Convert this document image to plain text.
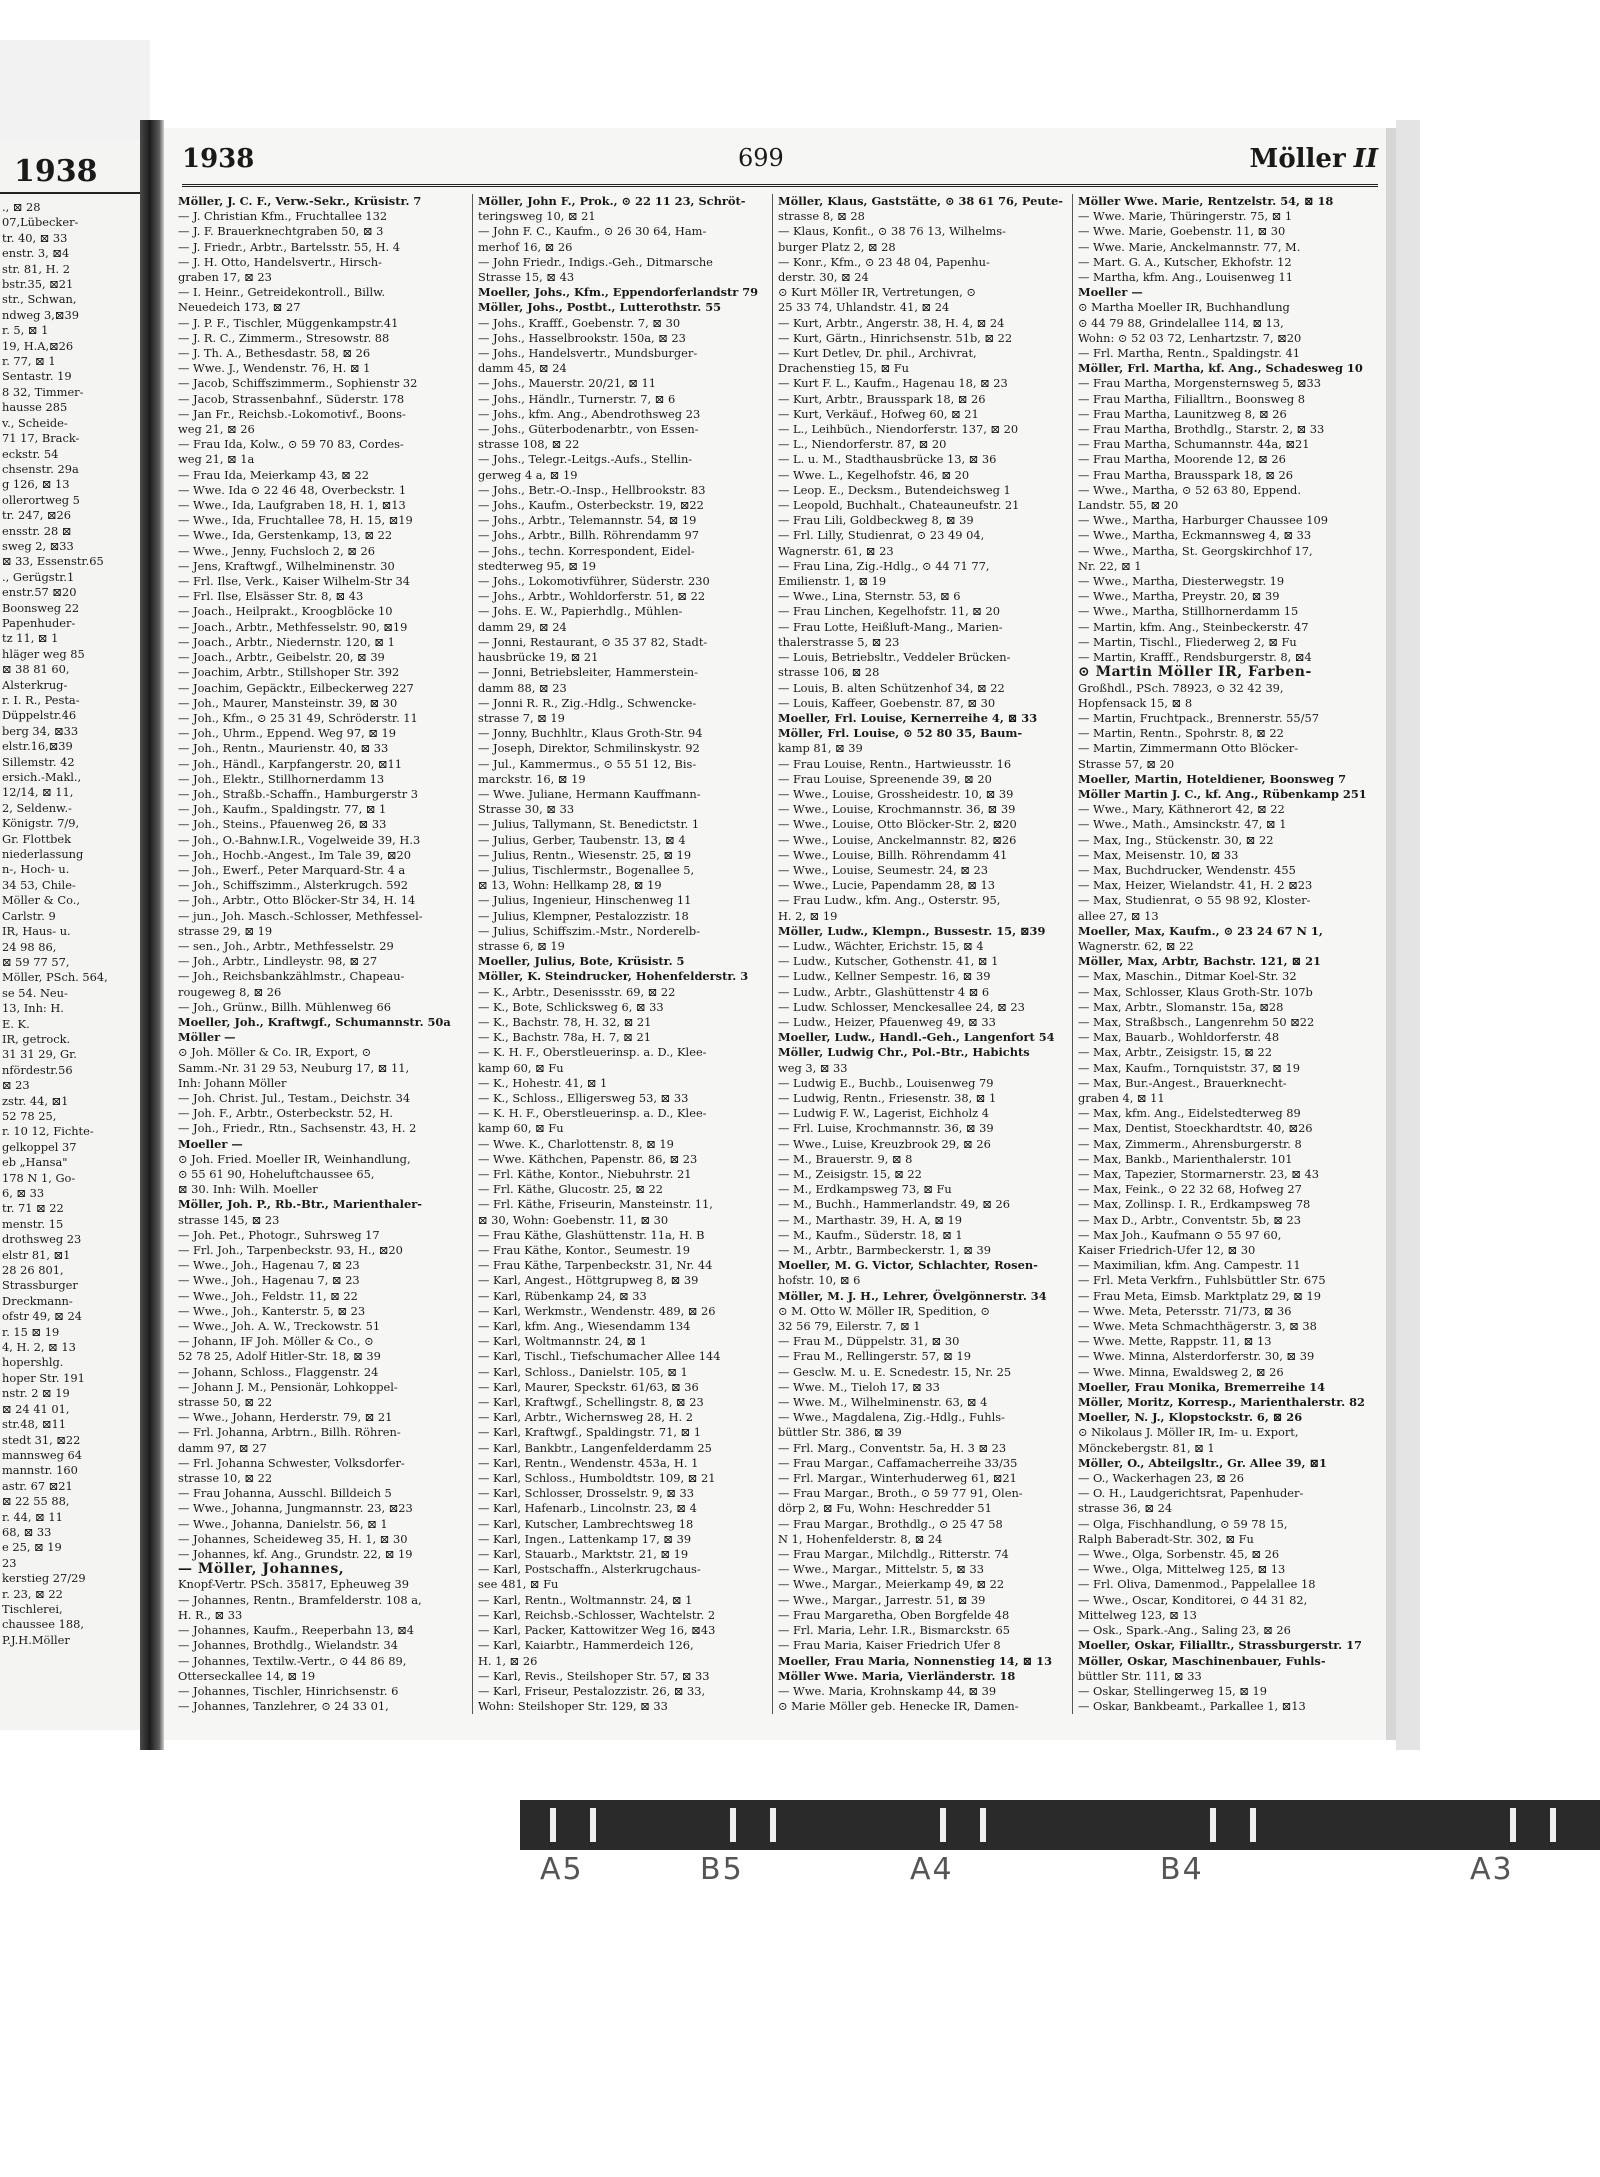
1938
., ⊠ 28
07,Lübecker-
tr. 40, ⊠ 33
enstr. 3, ⊠4
str. 81, H. 2
bstr.35, ⊠21
str., Schwan,
ndweg 3,⊠39
r. 5, ⊠ 1
19, H.A,⊠26
r. 77, ⊠ 1
Sentastr. 19
8 32, Timmer-
hausse 285
v., Scheide-
71 17, Brack-
eckstr. 54
chsenstr. 29a
g 126, ⊠ 13
ollerortweg 5
tr. 247, ⊠26
ensstr. 28 ⊠
sweg 2, ⊠33
⊠ 33, Essenstr.65
., Gerügstr.1
enstr.57 ⊠20
Boonsweg 22
Papenhuder-
tz 11, ⊠ 1
hläger weg 85
⊠ 38 81 60,
Alsterkrug-
r. I. R., Pesta-
Düppelstr.46
berg 34, ⊠33
elstr.16,⊠39
Sillemstr. 42
ersich.-Makl.,
12/14, ⊠ 11,
2, Seldenw.-
Königstr. 7/9,
Gr. Flottbek
niederlassung
n-, Hoch- u.
34 53, Chile-
Möller & Co.,
Carlstr. 9
IR, Haus- u.
24 98 86,
⊠ 59 77 57,
Möller, PSch. 564,
se 54. Neu-
13, Inh: H.
E. K.
IR, getrock.
31 31 29, Gr.
nfördestr.56
⊠ 23
zstr. 44, ⊠1
52 78 25,
r. 10 12, Fichte-
gelkoppel 37
eb „Hansa"
178 N 1, Go-
6, ⊠ 33
tr. 71 ⊠ 22
menstr. 15
drothsweg 23
elstr 81, ⊠1
28 26 801,
Strassburger
Dreckmann-
ofstr 49, ⊠ 24
r. 15 ⊠ 19
4, H. 2, ⊠ 13
hopershlg.
hoper Str. 191
nstr. 2 ⊠ 19
⊠ 24 41 01,
str.48, ⊠11
stedt 31, ⊠22
mannsweg 64
mannstr. 160
astr. 67 ⊠21
⊠ 22 55 88,
r. 44, ⊠ 11
68, ⊠ 33
e 25, ⊠ 19
23
kerstieg 27/29
r. 23, ⊠ 22
Tischlerei,
chaussee 188,
P.J.H.Möller
1938	699	Möller II
Möller, J. C. F., Verw.-Sekr., Krüsistr. 7
— J. Christian Kfm., Fruchtallee 132
— J. F. Brauerknechtgraben 50, ⊠ 3
— J. Friedr., Arbtr., Bartelsstr. 55, H. 4
— J. H. Otto, Handelsvertr., Hirsch-
graben 17, ⊠ 23
— I. Heinr., Getreidekontroll., Billw.
Neuedeich 173, ⊠ 27
— J. P. F., Tischler, Müggenkampstr.41
— J. R. C., Zimmerm., Stresowstr. 88
— J. Th. A., Bethesdastr. 58, ⊠ 26
— Wwe. J., Wendenstr. 76, H. ⊠ 1
— Jacob, Schiffszimmerm., Sophienstr 32
— Jacob, Strassenbahnf., Süderstr. 178
— Jan Fr., Reichsb.-Lokomotivf., Boons-
weg 21, ⊠ 26
— Frau Ida, Kolw., ⊙ 59 70 83, Cordes-
weg 21, ⊠ 1a
— Frau Ida, Meierkamp 43, ⊠ 22
— Wwe. Ida ⊙ 22 46 48, Overbeckstr. 1
— Wwe., Ida, Laufgraben 18, H. 1, ⊠13
— Wwe., Ida, Fruchtallee 78, H. 15, ⊠19
— Wwe., Ida, Gerstenkamp, 13, ⊠ 22
— Wwe., Jenny, Fuchsloch 2, ⊠ 26
— Jens, Kraftwgf., Wilhelminenstr. 30
— Frl. Ilse, Verk., Kaiser Wilhelm-Str 34
— Frl. Ilse, Elsässer Str. 8, ⊠ 43
— Joach., Heilprakt., Kroogblöcke 10
— Joach., Arbtr., Methfesselstr. 90, ⊠19
— Joach., Arbtr., Niedernstr. 120, ⊠ 1
— Joach., Arbtr., Geibelstr. 20, ⊠ 39
— Joachim, Arbtr., Stillshoper Str. 392
— Joachim, Gepäcktr., Eilbeckerweg 227
— Joh., Maurer, Mansteinstr. 39, ⊠ 30
— Joh., Kfm., ⊙ 25 31 49, Schröderstr. 11
— Joh., Uhrm., Eppend. Weg 97, ⊠ 19
— Joh., Rentn., Maurienstr. 40, ⊠ 33
— Joh., Händl., Karpfangerstr. 20, ⊠11
— Joh., Elektr., Stillhornerdamm 13
— Joh., Straßb.-Schaffn., Hamburgerstr 3
— Joh., Kaufm., Spaldingstr. 77, ⊠ 1
— Joh., Steins., Pfauenweg 26, ⊠ 33
— Joh., O.-Bahnw.I.R., Vogelweide 39, H.3
— Joh., Hochb.-Angest., Im Tale 39, ⊠20
— Joh., Ewerf., Peter Marquard-Str. 4 a
— Joh., Schiffszimm., Alsterkrugch. 592
— Joh., Arbtr., Otto Blöcker-Str 34, H. 14
— jun., Joh. Masch.-Schlosser, Methfessel-
strasse 29, ⊠ 19
— sen., Joh., Arbtr., Methfesselstr. 29
— Joh., Arbtr., Lindleystr. 98, ⊠ 27
— Joh., Reichsbankzählmstr., Chapeau-
rougeweg 8, ⊠ 26
— Joh., Grünw., Billh. Mühlenweg 66
Moeller, Joh., Kraftwgf., Schumannstr. 50a
Möller —
⊙ Joh. Möller & Co. IR, Export, ⊙
Samm.-Nr. 31 29 53, Neuburg 17, ⊠ 11,
Inh: Johann Möller
— Joh. Christ. Jul., Testam., Deichstr. 34
— Joh. F., Arbtr., Osterbeckstr. 52, H.
— Joh., Friedr., Rtn., Sachsenstr. 43, H. 2
Moeller —
⊙ Joh. Fried. Moeller IR, Weinhandlung,
⊙ 55 61 90, Hoheluftchaussee 65,
⊠ 30. Inh: Wilh. Moeller
Möller, Joh. P., Rb.-Btr., Marienthaler-
strasse 145, ⊠ 23
— Joh. Pet., Photogr., Suhrsweg 17
— Frl. Joh., Tarpenbeckstr. 93, H., ⊠20
— Wwe., Joh., Hagenau 7, ⊠ 23
— Wwe., Joh., Hagenau 7, ⊠ 23
— Wwe., Joh., Feldstr. 11, ⊠ 22
— Wwe., Joh., Kanterstr. 5, ⊠ 23
— Wwe., Joh. A. W., Treckowstr. 51
— Johann, IF Joh. Möller & Co., ⊙
52 78 25, Adolf Hitler-Str. 18, ⊠ 39
— Johann, Schloss., Flaggenstr. 24
— Johann J. M., Pensionär, Lohkoppel-
strasse 50, ⊠ 22
— Wwe., Johann, Herderstr. 79, ⊠ 21
— Frl. Johanna, Arbtrn., Billh. Röhren-
damm 97, ⊠ 27
— Frl. Johanna Schwester, Volksdorfer-
strasse 10, ⊠ 22
— Frau Johanna, Ausschl. Billdeich 5
— Wwe., Johanna, Jungmannstr. 23, ⊠23
— Wwe., Johanna, Danielstr. 56, ⊠ 1
— Johannes, Scheideweg 35, H. 1, ⊠ 30
— Johannes, kf. Ang., Grundstr. 22, ⊠ 19
— Möller, Johannes,
Knopf-Vertr. PSch. 35817, Epheuweg 39
— Johannes, Rentn., Bramfelderstr. 108 a,
H. R., ⊠ 33
— Johannes, Kaufm., Reeperbahn 13, ⊠4
— Johannes, Brothdlg., Wielandstr. 34
— Johannes, Textilw.-Vertr., ⊙ 44 86 89,
Otterseckallee 14, ⊠ 19
— Johannes, Tischler, Hinrichsenstr. 6
— Johannes, Tanzlehrer, ⊙ 24 33 01,
Möller, John F., Prok., ⊙ 22 11 23, Schröt-
teringsweg 10, ⊠ 21
— John F. C., Kaufm., ⊙ 26 30 64, Ham-
merhof 16, ⊠ 26
— John Friedr., Indigs.-Geh., Ditmarsche
Strasse 15, ⊠ 43
Moeller, Johs., Kfm., Eppendorferlandstr 79
Möller, Johs., Postbt., Lutterothstr. 55
— Johs., Krafff., Goebenstr. 7, ⊠ 30
— Johs., Hasselbrookstr. 150a, ⊠ 23
— Johs., Handelsvertr., Mundsburger-
damm 45, ⊠ 24
— Johs., Mauerstr. 20/21, ⊠ 11
— Johs., Händlr., Turnerstr. 7, ⊠ 6
— Johs., kfm. Ang., Abendrothsweg 23
— Johs., Güterbodenarbtr., von Essen-
strasse 108, ⊠ 22
— Johs., Telegr.-Leitgs.-Aufs., Stellin-
gerweg 4 a, ⊠ 19
— Johs., Betr.-O.-Insp., Hellbrookstr. 83
— Johs., Kaufm., Osterbeckstr. 19, ⊠22
— Johs., Arbtr., Telemannstr. 54, ⊠ 19
— Johs., Arbtr., Billh. Röhrendamm 97
— Johs., techn. Korrespondent, Eidel-
stedterweg 95, ⊠ 19
— Johs., Lokomotivführer, Süderstr. 230
— Johs., Arbtr., Wohldorferstr. 51, ⊠ 22
— Johs. E. W., Papierhdlg., Mühlen-
damm 29, ⊠ 24
— Jonni, Restaurant, ⊙ 35 37 82, Stadt-
hausbrücke 19, ⊠ 21
— Jonni, Betriebsleiter, Hammerstein-
damm 88, ⊠ 23
— Jonni R. R., Zig.-Hdlg., Schwencke-
strasse 7, ⊠ 19
— Jonny, Buchhltr., Klaus Groth-Str. 94
— Joseph, Direktor, Schmilinskystr. 92
— Jul., Kammermus., ⊙ 55 51 12, Bis-
marckstr. 16, ⊠ 19
— Wwe. Juliane, Hermann Kauffmann-
Strasse 30, ⊠ 33
— Julius, Tallymann, St. Benedictstr. 1
— Julius, Gerber, Taubenstr. 13, ⊠ 4
— Julius, Rentn., Wiesenstr. 25, ⊠ 19
— Julius, Tischlermstr., Bogenallee 5,
⊠ 13, Wohn: Hellkamp 28, ⊠ 19
— Julius, Ingenieur, Hinschenweg 11
— Julius, Klempner, Pestalozzistr. 18
— Julius, Schiffszim.-Mstr., Norderelb-
strasse 6, ⊠ 19
Moeller, Julius, Bote, Krüsistr. 5
Möller, K. Steindrucker, Hohenfelderstr. 3
— K., Arbtr., Desenissstr. 69, ⊠ 22
— K., Bote, Schlicksweg 6, ⊠ 33
— K., Bachstr. 78, H. 32, ⊠ 21
— K., Bachstr. 78a, H. 7, ⊠ 21
— K. H. F., Oberstleuerinsp. a. D., Klee-
kamp 60, ⊠ Fu
— K., Hohestr. 41, ⊠ 1
— K., Schloss., Elligersweg 53, ⊠ 33
— K. H. F., Oberstleuerinsp. a. D., Klee-
kamp 60, ⊠ Fu
— Wwe. K., Charlottenstr. 8, ⊠ 19
— Wwe. Käthchen, Papenstr. 86, ⊠ 23
— Frl. Käthe, Kontor., Niebuhrstr. 21
— Frl. Käthe, Glucostr. 25, ⊠ 22
— Frl. Käthe, Friseurin, Mansteinstr. 11,
⊠ 30, Wohn: Goebenstr. 11, ⊠ 30
— Frau Käthe, Glashüttenstr. 11a, H. B
— Frau Käthe, Kontor., Seumestr. 19
— Frau Käthe, Tarpenbeckstr. 31, Nr. 44
— Karl, Angest., Höttgrupweg 8, ⊠ 39
— Karl, Rübenkamp 24, ⊠ 33
— Karl, Werkmstr., Wendenstr. 489, ⊠ 26
— Karl, kfm. Ang., Wiesendamm 134
— Karl, Woltmannstr. 24, ⊠ 1
— Karl, Tischl., Tiefschumacher Allee 144
— Karl, Schloss., Danielstr. 105, ⊠ 1
— Karl, Maurer, Speckstr. 61/63, ⊠ 36
— Karl, Kraftwgf., Schellingstr. 8, ⊠ 23
— Karl, Arbtr., Wichernsweg 28, H. 2
— Karl, Kraftwgf., Spaldingstr. 71, ⊠ 1
— Karl, Bankbtr., Langenfelderdamm 25
— Karl, Rentn., Wendenstr. 453a, H. 1
— Karl, Schloss., Humboldtstr. 109, ⊠ 21
— Karl, Schlosser, Drosselstr. 9, ⊠ 33
— Karl, Hafenarb., Lincolnstr. 23, ⊠ 4
— Karl, Kutscher, Lambrechtsweg 18
— Karl, Ingen., Lattenkamp 17, ⊠ 39
— Karl, Stauarb., Marktstr. 21, ⊠ 19
— Karl, Postschaffn., Alsterkrugchaus-
see 481, ⊠ Fu
— Karl, Rentn., Woltmannstr. 24, ⊠ 1
— Karl, Reichsb.-Schlosser, Wachtelstr. 2
— Karl, Packer, Kattowitzer Weg 16, ⊠43
— Karl, Kaiarbtr., Hammerdeich 126,
H. 1, ⊠ 26
— Karl, Revis., Steilshoper Str. 57, ⊠ 33
— Karl, Friseur, Pestalozzistr. 26, ⊠ 33,
Wohn: Steilshoper Str. 129, ⊠ 33
Möller, Klaus, Gaststätte, ⊙ 38 61 76, Peute-
strasse 8, ⊠ 28
— Klaus, Konfit., ⊙ 38 76 13, Wilhelms-
burger Platz 2, ⊠ 28
— Konr., Kfm., ⊙ 23 48 04, Papenhu-
derstr. 30, ⊠ 24
⊙ Kurt Möller IR, Vertretungen, ⊙
25 33 74, Uhlandstr. 41, ⊠ 24
— Kurt, Arbtr., Angerstr. 38, H. 4, ⊠ 24
— Kurt, Gärtn., Hinrichsenstr. 51b, ⊠ 22
— Kurt Detlev, Dr. phil., Archivrat,
Drachenstieg 15, ⊠ Fu
— Kurt F. L., Kaufm., Hagenau 18, ⊠ 23
— Kurt, Arbtr., Brausspark 18, ⊠ 26
— Kurt, Verkäuf., Hofweg 60, ⊠ 21
— L., Leihbüch., Niendorferstr. 137, ⊠ 20
— L., Niendorferstr. 87, ⊠ 20
— L. u. M., Stadthausbrücke 13, ⊠ 36
— Wwe. L., Kegelhofstr. 46, ⊠ 20
— Leop. E., Decksm., Butendeichsweg 1
— Leopold, Buchhalt., Chateauneufstr. 21
— Frau Lili, Goldbeckweg 8, ⊠ 39
— Frl. Lilly, Studienrat, ⊙ 23 49 04,
Wagnerstr. 61, ⊠ 23
— Frau Lina, Zig.-Hdlg., ⊙ 44 71 77,
Emilienstr. 1, ⊠ 19
— Wwe., Lina, Sternstr. 53, ⊠ 6
— Frau Linchen, Kegelhofstr. 11, ⊠ 20
— Frau Lotte, Heißluft-Mang., Marien-
thalerstrasse 5, ⊠ 23
— Louis, Betriebsltr., Veddeler Brücken-
strasse 106, ⊠ 28
— Louis, B. alten Schützenhof 34, ⊠ 22
— Louis, Kaffeer, Goebenstr. 87, ⊠ 30
Moeller, Frl. Louise, Kernerreihe 4, ⊠ 33
Möller, Frl. Louise, ⊙ 52 80 35, Baum-
kamp 81, ⊠ 39
— Frau Louise, Rentn., Hartwieusstr. 16
— Frau Louise, Spreenende 39, ⊠ 20
— Wwe., Louise, Grossheidestr. 10, ⊠ 39
— Wwe., Louise, Krochmannstr. 36, ⊠ 39
— Wwe., Louise, Otto Blöcker-Str. 2, ⊠20
— Wwe., Louise, Anckelmannstr. 82, ⊠26
— Wwe., Louise, Billh. Röhrendamm 41
— Wwe., Louise, Seumestr. 24, ⊠ 23
— Wwe., Lucie, Papendamm 28, ⊠ 13
— Frau Ludw., kfm. Ang., Osterstr. 95,
H. 2, ⊠ 19
Möller, Ludw., Klempn., Bussestr. 15, ⊠39
— Ludw., Wächter, Erichstr. 15, ⊠ 4
— Ludw., Kutscher, Gothenstr. 41, ⊠ 1
— Ludw., Kellner Sempestr. 16, ⊠ 39
— Ludw., Arbtr., Glashüttenstr 4 ⊠ 6
— Ludw. Schlosser, Menckesallee 24, ⊠ 23
— Ludw., Heizer, Pfauenweg 49, ⊠ 33
Moeller, Ludw., Handl.-Geh., Langenfort 54
Möller, Ludwig Chr., Pol.-Btr., Habichts
weg 3, ⊠ 33
— Ludwig E., Buchb., Louisenweg 79
— Ludwig, Rentn., Friesenstr. 38, ⊠ 1
— Ludwig F. W., Lagerist, Eichholz 4
— Frl. Luise, Krochmannstr. 36, ⊠ 39
— Wwe., Luise, Kreuzbrook 29, ⊠ 26
— M., Brauerstr. 9, ⊠ 8
— M., Zeisigstr. 15, ⊠ 22
— M., Erdkampsweg 73, ⊠ Fu
— M., Buchh., Hammerlandstr. 49, ⊠ 26
— M., Marthastr. 39, H. A, ⊠ 19
— M., Kaufm., Süderstr. 18, ⊠ 1
— M., Arbtr., Barmbeckerstr. 1, ⊠ 39
Moeller, M. G. Victor, Schlachter, Rosen-
hofstr. 10, ⊠ 6
Möller, M. J. H., Lehrer, Övelgönnerstr. 34
⊙ M. Otto W. Möller IR, Spedition, ⊙
32 56 79, Eilerstr. 7, ⊠ 1
— Frau M., Düppelstr. 31, ⊠ 30
— Frau M., Rellingerstr. 57, ⊠ 19
— Gesclw. M. u. E. Scnedestr. 15, Nr. 25
— Wwe. M., Tieloh 17, ⊠ 33
— Wwe. M., Wilhelminenstr. 63, ⊠ 4
— Wwe., Magdalena, Zig.-Hdlg., Fuhls-
büttler Str. 386, ⊠ 39
— Frl. Marg., Conventstr. 5a, H. 3 ⊠ 23
— Frau Margar., Caffamacherreihe 33/35
— Frl. Margar., Winterhuderweg 61, ⊠21
— Frau Margar., Broth., ⊙ 59 77 91, Olen-
dörp 2, ⊠ Fu, Wohn: Heschredder 51
— Frau Margar., Brothdlg., ⊙ 25 47 58
N 1, Hohenfelderstr. 8, ⊠ 24
— Frau Margar., Milchdlg., Ritterstr. 74
— Wwe., Margar., Mittelstr. 5, ⊠ 33
— Wwe., Margar., Meierkamp 49, ⊠ 22
— Wwe., Margar., Jarrestr. 51, ⊠ 39
— Frau Margaretha, Oben Borgfelde 48
— Frl. Maria, Lehr. I.R., Bismarckstr. 65
— Frau Maria, Kaiser Friedrich Ufer 8
Moeller, Frau Maria, Nonnenstieg 14, ⊠ 13
Möller Wwe. Maria, Vierländerstr. 18
— Wwe. Maria, Krohnskamp 44, ⊠ 39
⊙ Marie Möller geb. Henecke IR, Damen-
Möller Wwe. Marie, Rentzelstr. 54, ⊠ 18
— Wwe. Marie, Thüringerstr. 75, ⊠ 1
— Wwe. Marie, Goebenstr. 11, ⊠ 30
— Wwe. Marie, Anckelmannstr. 77, M.
— Mart. G. A., Kutscher, Ekhofstr. 12
— Martha, kfm. Ang., Louisenweg 11
Moeller —
⊙ Martha Moeller IR, Buchhandlung
⊙ 44 79 88, Grindelallee 114, ⊠ 13,
Wohn: ⊙ 52 03 72, Lenhartzstr. 7, ⊠20
— Frl. Martha, Rentn., Spaldingstr. 41
Möller, Frl. Martha, kf. Ang., Schadesweg 10
— Frau Martha, Morgensternsweg 5, ⊠33
— Frau Martha, Filialltrn., Boonsweg 8
— Frau Martha, Launitzweg 8, ⊠ 26
— Frau Martha, Brothdlg., Starstr. 2, ⊠ 33
— Frau Martha, Schumannstr. 44a, ⊠21
— Frau Martha, Moorende 12, ⊠ 26
— Frau Martha, Brausspark 18, ⊠ 26
— Wwe., Martha, ⊙ 52 63 80, Eppend.
Landstr. 55, ⊠ 20
— Wwe., Martha, Harburger Chaussee 109
— Wwe., Martha, Eckmannsweg 4, ⊠ 33
— Wwe., Martha, St. Georgskirchhof 17,
Nr. 22, ⊠ 1
— Wwe., Martha, Diesterwegstr. 19
— Wwe., Martha, Preystr. 20, ⊠ 39
— Wwe., Martha, Stillhornerdamm 15
— Martin, kfm. Ang., Steinbeckerstr. 47
— Martin, Tischl., Fliederweg 2, ⊠ Fu
— Martin, Krafff., Rendsburgerstr. 8, ⊠4
⊙ Martin Möller IR, Farben-
Großhdl., PSch. 78923, ⊙ 32 42 39,
Hopfensack 15, ⊠ 8
— Martin, Fruchtpack., Brennerstr. 55/57
— Martin, Rentn., Spohrstr. 8, ⊠ 22
— Martin, Zimmermann Otto Blöcker-
Strasse 57, ⊠ 20
Moeller, Martin, Hoteldiener, Boonsweg 7
Möller Martin J. C., kf. Ang., Rübenkamp 251
— Wwe., Mary, Käthnerort 42, ⊠ 22
— Wwe., Math., Amsinckstr. 47, ⊠ 1
— Max, Ing., Stückenstr. 30, ⊠ 22
— Max, Meisenstr. 10, ⊠ 33
— Max, Buchdrucker, Wendenstr. 455
— Max, Heizer, Wielandstr. 41, H. 2 ⊠23
— Max, Studienrat, ⊙ 55 98 92, Kloster-
allee 27, ⊠ 13
Moeller, Max, Kaufm., ⊙ 23 24 67 N 1,
Wagnerstr. 62, ⊠ 22
Möller, Max, Arbtr, Bachstr. 121, ⊠ 21
— Max, Maschin., Ditmar Koel-Str. 32
— Max, Schlosser, Klaus Groth-Str. 107b
— Max, Arbtr., Slomanstr. 15a, ⊠28
— Max, Straßbsch., Langenrehm 50 ⊠22
— Max, Bauarb., Wohldorferstr. 48
— Max, Arbtr., Zeisigstr. 15, ⊠ 22
— Max, Kaufm., Tornquiststr. 37, ⊠ 19
— Max, Bur.-Angest., Brauerknecht-
graben 4, ⊠ 11
— Max, kfm. Ang., Eidelstedterweg 89
— Max, Dentist, Stoeckhardtstr. 40, ⊠26
— Max, Zimmerm., Ahrensburgerstr. 8
— Max, Bankb., Marienthalerstr. 101
— Max, Tapezier, Stormarnerstr. 23, ⊠ 43
— Max, Feink., ⊙ 22 32 68, Hofweg 27
— Max, Zollinsp. I. R., Erdkampsweg 78
— Max D., Arbtr., Conventstr. 5b, ⊠ 23
— Max Joh., Kaufmann ⊙ 55 97 60,
Kaiser Friedrich-Ufer 12, ⊠ 30
— Maximilian, kfm. Ang. Campestr. 11
— Frl. Meta Verkfrn., Fuhlsbüttler Str. 675
— Frau Meta, Eimsb. Marktplatz 29, ⊠ 19
— Wwe. Meta, Petersstr. 71/73, ⊠ 36
— Wwe. Meta Schmachthägerstr. 3, ⊠ 38
— Wwe. Mette, Rappstr. 11, ⊠ 13
— Wwe. Minna, Alsterdorferstr. 30, ⊠ 39
— Wwe. Minna, Ewaldsweg 2, ⊠ 26
Moeller, Frau Monika, Bremerreihe 14
Möller, Moritz, Korresp., Marienthalerstr. 82
Moeller, N. J., Klopstockstr. 6, ⊠ 26
⊙ Nikolaus J. Möller IR, Im- u. Export,
Mönckebergstr. 81, ⊠ 1
Möller, O., Abteilgsltr., Gr. Allee 39, ⊠1
— O., Wackerhagen 23, ⊠ 26
— O. H., Laudgerichtsrat, Papenhuder-
strasse 36, ⊠ 24
— Olga, Fischhandlung, ⊙ 59 78 15,
Ralph Baberadt-Str. 302, ⊠ Fu
— Wwe., Olga, Sorbenstr. 45, ⊠ 26
— Wwe., Olga, Mittelweg 125, ⊠ 13
— Frl. Oliva, Damenmod., Pappelallee 18
— Wwe., Oscar, Konditorei, ⊙ 44 31 82,
Mittelweg 123, ⊠ 13
— Osk., Spark.-Ang., Saling 23, ⊠ 26
Moeller, Oskar, Filialltr., Strassburgerstr. 17
Möller, Oskar, Maschinenbauer, Fuhls-
büttler Str. 111, ⊠ 33
— Oskar, Stellingerweg 15, ⊠ 19
— Oskar, Bankbeamt., Parkallee 1, ⊠13
A5	B5	A4	B4	A3
